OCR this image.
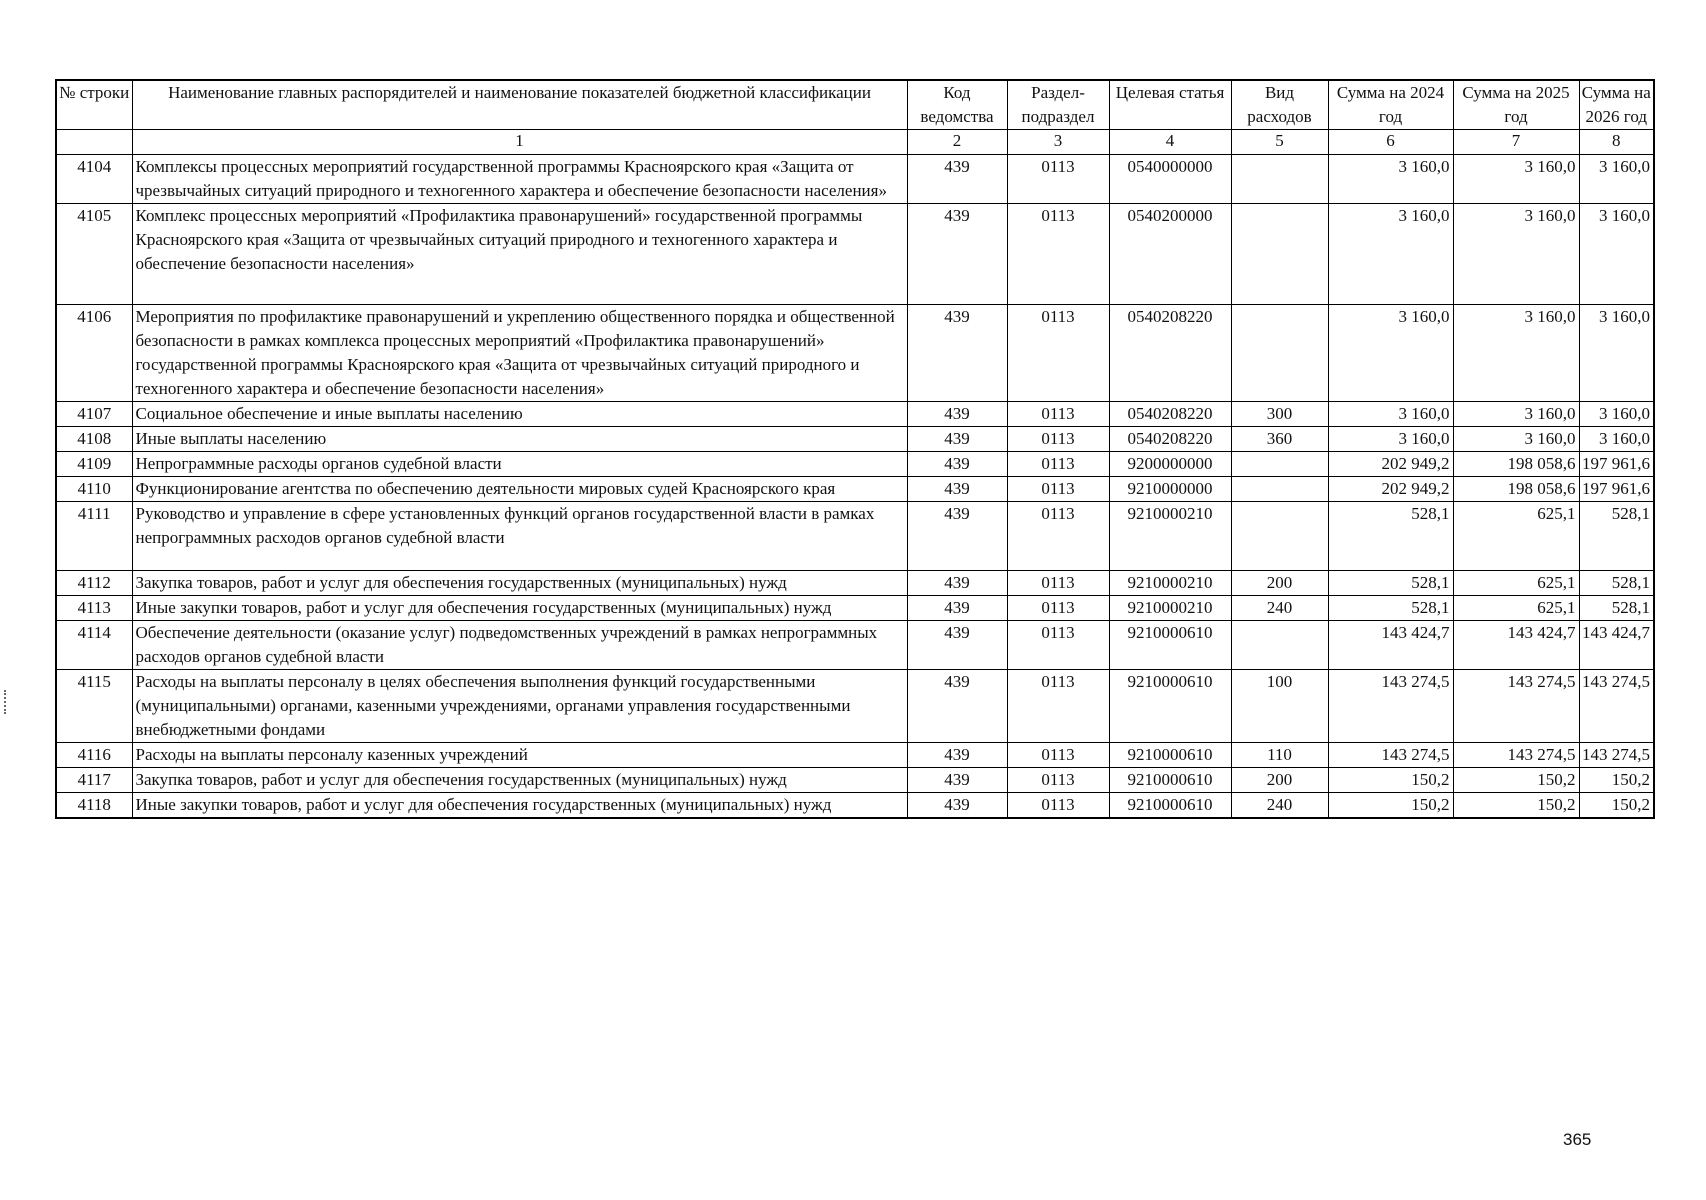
№ строки	Наименование главных распорядителей и наименование показателей бюджетной классификации	Код ведомства	Раздел-подраздел	Целевая статья	Вид расходов	Сумма на 2024 год	Сумма на 2025 год	Сумма на 2026 год
	1	2	3	4	5	6	7	8
4104	Комплексы процессных мероприятий государственной программы Красноярского края «Защита от чрезвычайных ситуаций природного и техногенного характера и обеспечение безопасности населения»	439	0113	0540000000		3 160,0	3 160,0	3 160,0
4105	Комплекс процессных мероприятий «Профилактика правонарушений» государственной программы Красноярского края «Защита от чрезвычайных ситуаций природного и техногенного характера и обеспечение безопасности населения»	439	0113	0540200000		3 160,0	3 160,0	3 160,0
4106	Мероприятия по профилактике правонарушений и укреплению общественного порядка и общественной безопасности в рамках комплекса процессных мероприятий «Профилактика правонарушений» государственной программы Красноярского края «Защита от чрезвычайных ситуаций природного и техногенного характера и обеспечение безопасности населения»	439	0113	0540208220		3 160,0	3 160,0	3 160,0
4107	Социальное обеспечение и иные выплаты населению	439	0113	0540208220	300	3 160,0	3 160,0	3 160,0
4108	Иные выплаты населению	439	0113	0540208220	360	3 160,0	3 160,0	3 160,0
4109	Непрограммные расходы органов судебной власти	439	0113	9200000000		202 949,2	198 058,6	197 961,6
4110	Функционирование агентства по обеспечению деятельности мировых судей Красноярского края	439	0113	9210000000		202 949,2	198 058,6	197 961,6
4111	Руководство и управление в сфере установленных функций органов государственной власти в рамках непрограммных расходов органов судебной власти	439	0113	9210000210		528,1	625,1	528,1
4112	Закупка товаров, работ и услуг для обеспечения государственных (муниципальных) нужд	439	0113	9210000210	200	528,1	625,1	528,1
4113	Иные закупки товаров, работ и услуг для обеспечения государственных (муниципальных) нужд	439	0113	9210000210	240	528,1	625,1	528,1
4114	Обеспечение деятельности (оказание услуг) подведомственных учреждений в рамках непрограммных расходов органов судебной власти	439	0113	9210000610		143 424,7	143 424,7	143 424,7
4115	Расходы на выплаты персоналу в целях обеспечения выполнения функций государственными (муниципальными) органами, казенными учреждениями, органами управления государственными внебюджетными фондами	439	0113	9210000610	100	143 274,5	143 274,5	143 274,5
4116	Расходы на выплаты персоналу казенных учреждений	439	0113	9210000610	110	143 274,5	143 274,5	143 274,5
4117	Закупка товаров, работ и услуг для обеспечения государственных (муниципальных) нужд	439	0113	9210000610	200	150,2	150,2	150,2
4118	Иные закупки товаров, работ и услуг для обеспечения государственных (муниципальных) нужд	439	0113	9210000610	240	150,2	150,2	150,2
365
